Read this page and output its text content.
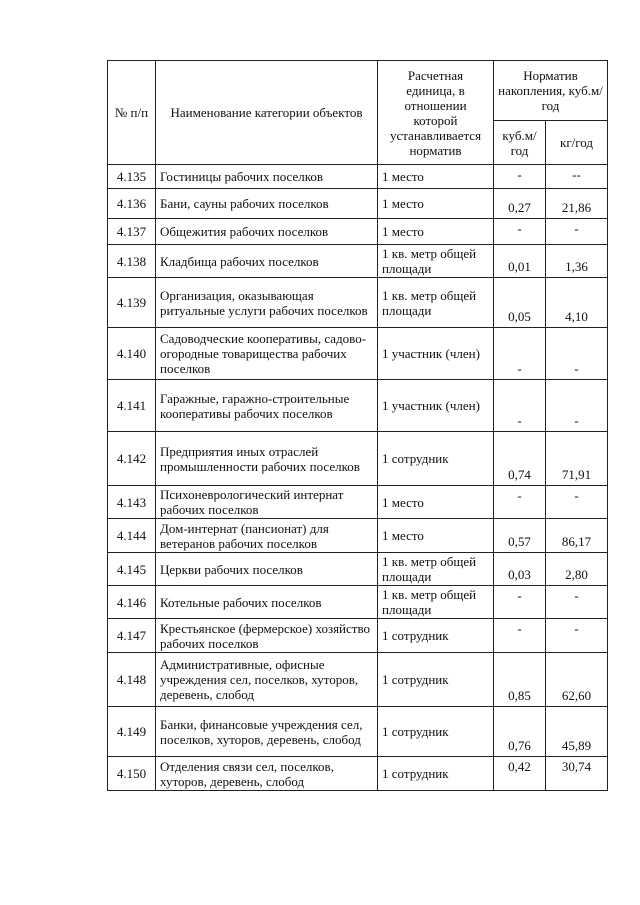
№ п/п	Наименование категории объектов	Расчетная единица, в отношении которой устанавливается норматив	Норматив накопления, куб.м/ год	
			куб.м/ год	кг/год
4.135	Гостиницы рабочих поселков	1 место	-	--
4.136	Бани, сауны рабочих поселков	1 место	0,27	21,86
4.137	Общежития рабочих поселков	1 место	-	-
4.138	Кладбища рабочих поселков	1 кв. метр общей площади	0,01	1,36
4.139	Организация, оказывающая ритуальные услуги рабочих поселков	1 кв. метр общей площади	0,05	4,10
4.140	Садоводческие кооперативы, садово-огородные товарищества рабочих поселков	1 участник (член)	-	-
4.141	Гаражные, гаражно-строительные кооперативы рабочих поселков	1 участник (член)	-	-
4.142	Предприятия иных отраслей промышленности рабочих поселков	1 сотрудник	0,74	71,91
4.143	Психоневрологический интернат рабочих поселков	1 место	-	-
4.144	Дом-интернат (пансионат) для ветеранов рабочих поселков	1 место	0,57	86,17
4.145	Церкви рабочих поселков	1 кв. метр общей площади	0,03	2,80
4.146	Котельные рабочих поселков	1 кв. метр общей площади	-	-
4.147	Крестьянское (фермерское) хозяйство рабочих поселков	1 сотрудник	-	-
4.148	Административные, офисные учреждения сел, поселков, хуторов, деревень, слобод	1 сотрудник	0,85	62,60
4.149	Банки, финансовые учреждения сел, поселков, хуторов, деревень, слобод	1 сотрудник	0,76	45,89
4.150	Отделения связи сел, поселков, хуторов, деревень, слобод	1 сотрудник	0,42	30,74
